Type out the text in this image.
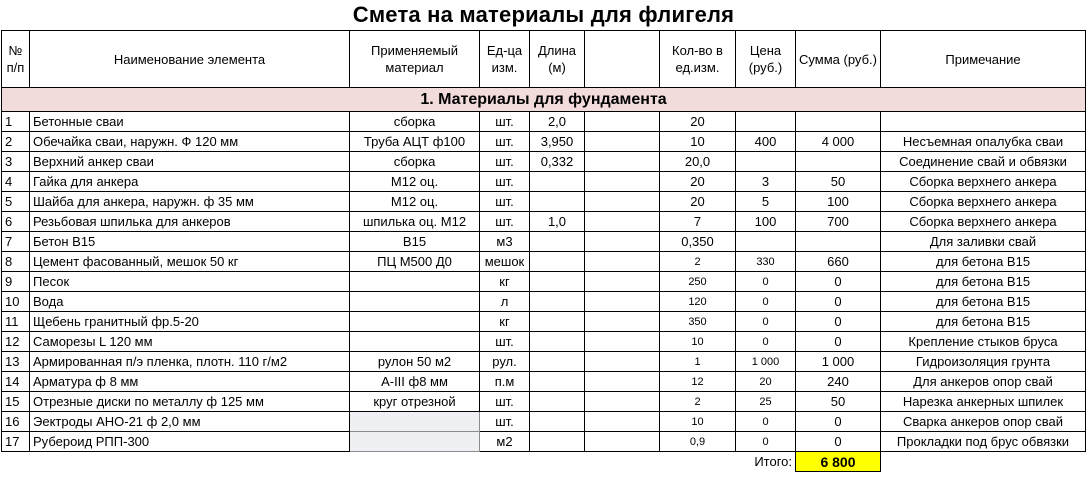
Смета на материалы для флигеля
№ п/п	Наименование элемента	Применяемый материал	Ед-ца изм.	Длина (м)		Кол-во в ед.изм.	Цена (руб.)	Сумма (руб.)	Примечание
1. Материалы для фундамента									
1	Бетонные сваи	сборка	шт.	2,0		20			
2	Обечайка сваи, наружн. Ф 120 мм	Труба АЦТ ф100	шт.	3,950		10	400	4 000	Несъемная опалубка сваи
3	Верхний анкер сваи	сборка	шт.	0,332		20,0			Соединение свай и обвязки
4	Гайка для анкера	М12 оц.	шт.			20	3	50	Сборка верхнего анкера
5	Шайба для анкера, наружн. ф 35 мм	М12 оц.	шт.			20	5	100	Сборка верхнего анкера
6	Резьбовая шпилька для анкеров	шпилька оц. М12	шт.	1,0		7	100	700	Сборка верхнего анкера
7	Бетон В15	В15	м3			0,350			Для заливки свай
8	Цемент фасованный, мешок 50 кг	ПЦ М500 Д0	мешок			2	330	660	для бетона В15
9	Песок		кг			250	0	0	для бетона В15
10	Вода		л			120	0	0	для бетона В15
11	Щебень гранитный фр.5-20		кг			350	0	0	для бетона В15
12	Саморезы L 120 мм		шт.			10	0	0	Крепление стыков бруса
13	Армированная п/э пленка, плотн. 110 г/м2	рулон 50 м2	рул.			1	1 000	1 000	Гидроизоляция грунта
14	Арматура ф 8 мм	A-III ф8 мм	п.м			12	20	240	Для анкеров опор свай
15	Отрезные диски по металлу ф 125 мм	круг отрезной	шт.			2	25	50	Нарезка анкерных шпилек
16	Эектроды АНО-21 ф 2,0 мм		шт.			10	0	0	Сварка анкеров опор свай
17	Рубероид РПП-300		м2			0,9	0	0	Прокладки под брус обвязки
Итого:								6 800	
